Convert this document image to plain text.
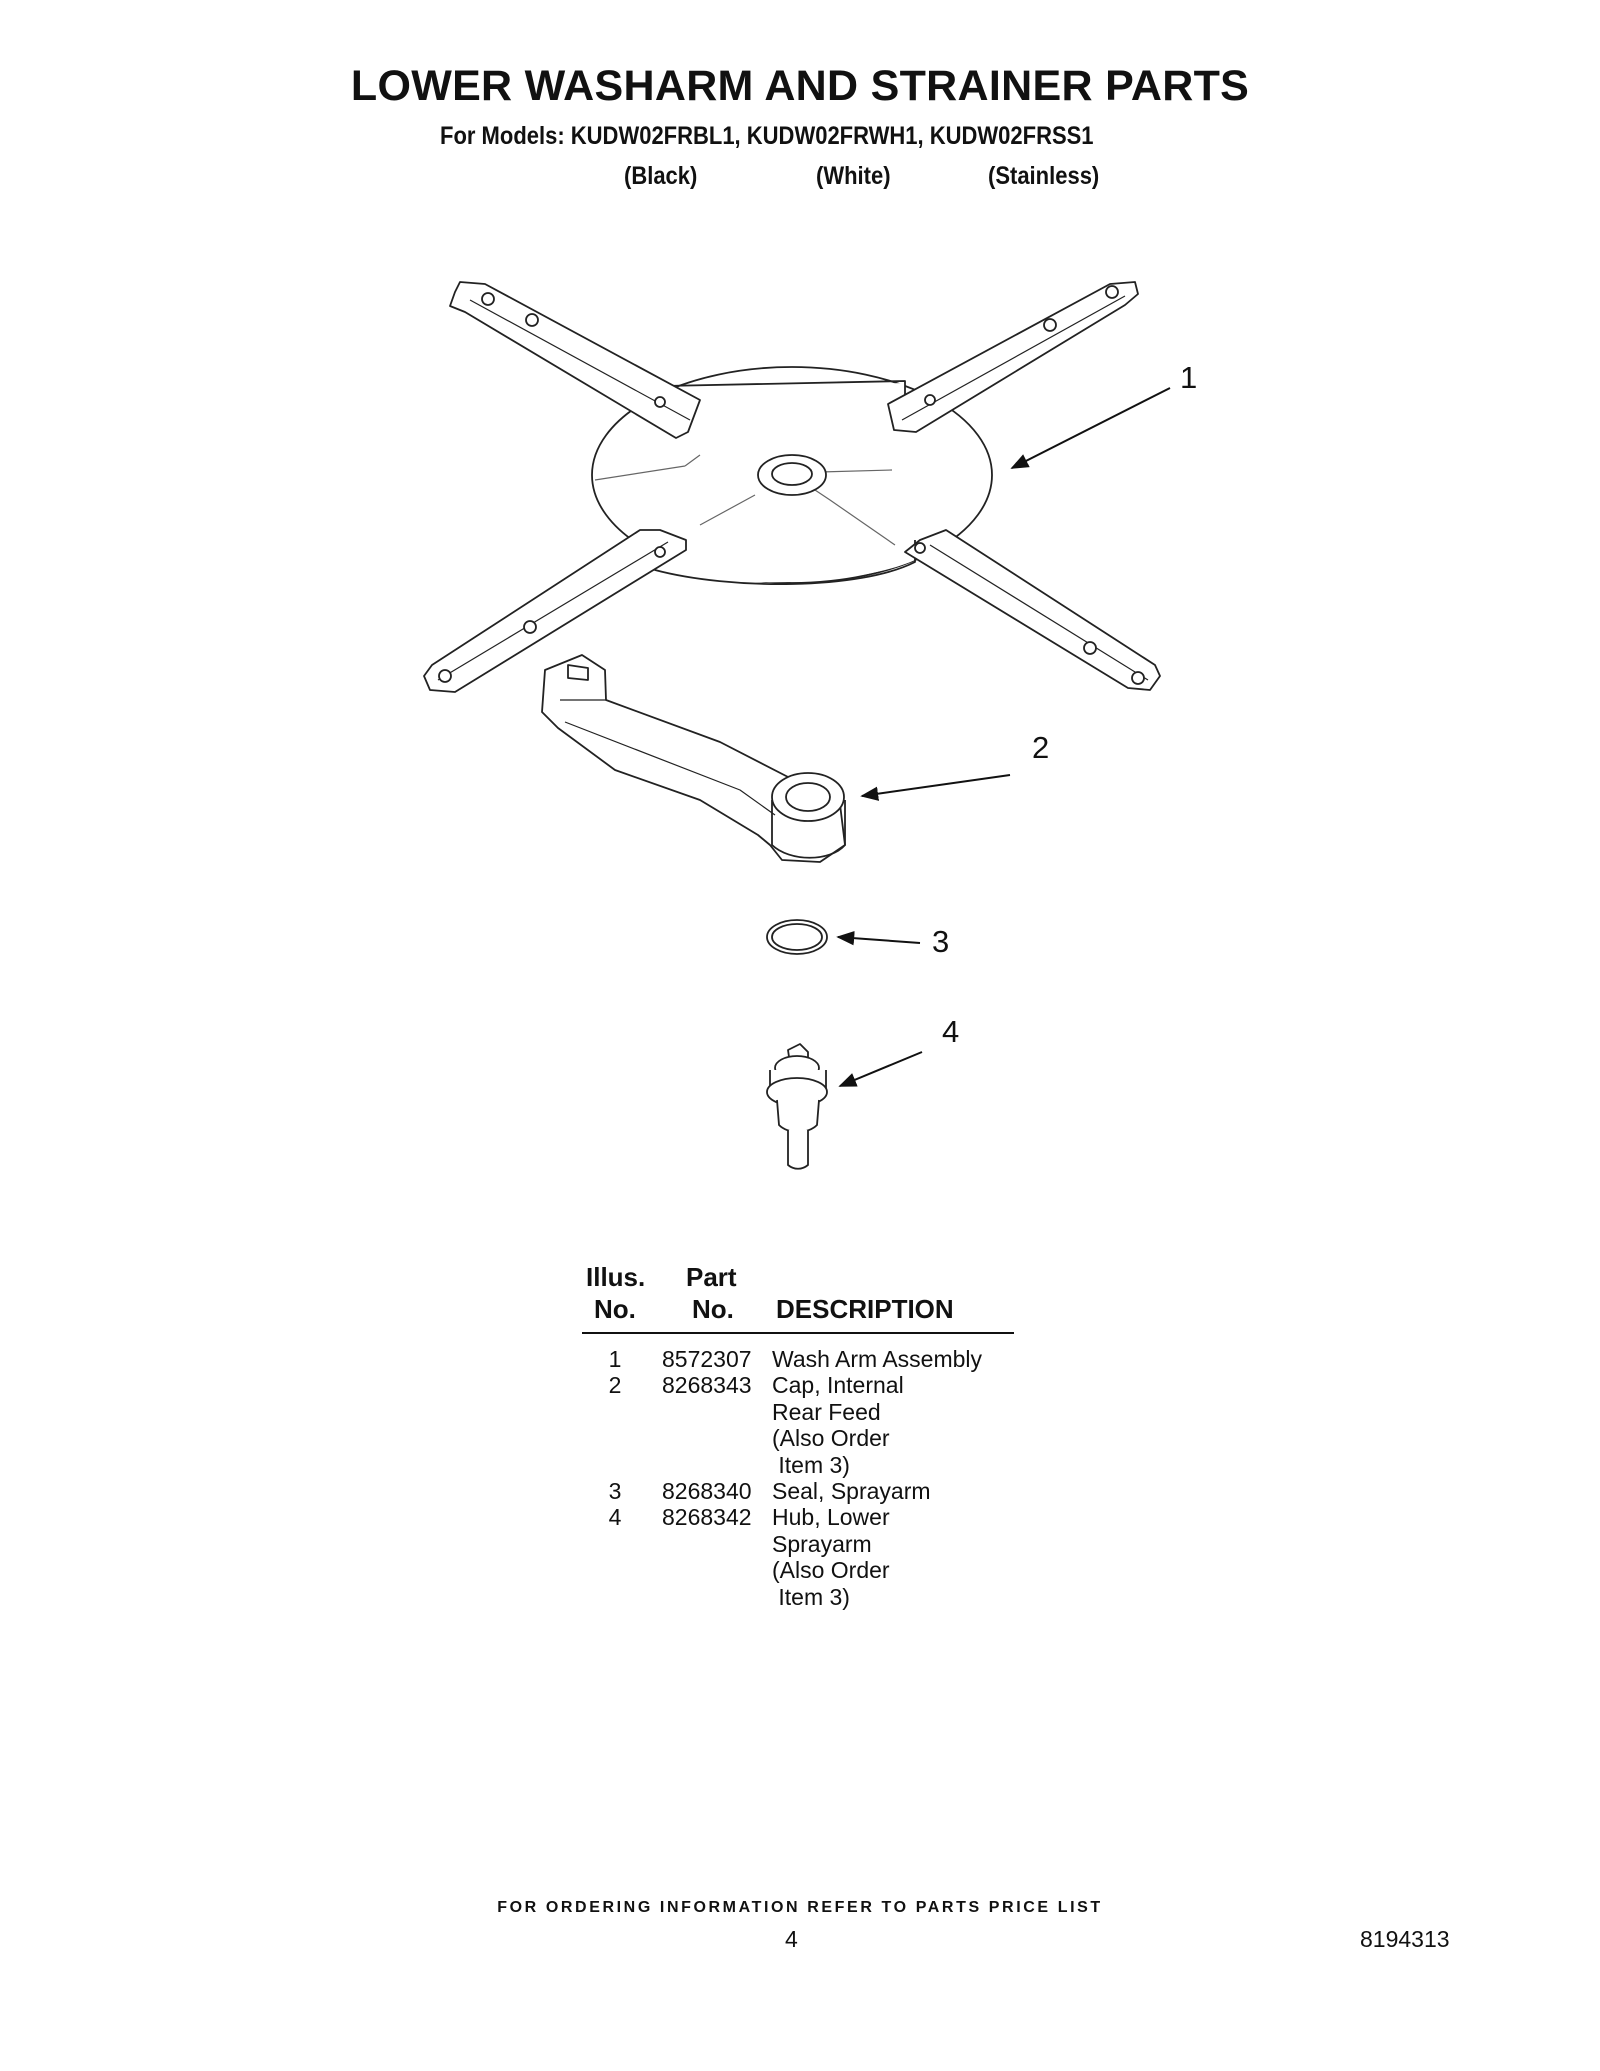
LOWER WASHARM AND STRAINER PARTS
For Models: KUDW02FRBL1, KUDW02FRWH1, KUDW02FRSS1
(Black)	(White)	(Stainless)
1
2
3
4
Illus.
No.
Part
No. DESCRIPTION
1	8572307 Wash Arm Assembly
2	8268343 Cap, Internal
Rear Feed
(Also Order
Item 3)
3	8268340 Seal, Sprayarm
4	8268342 Hub, Lower
Sprayarm
(Also Order
Item 3)
FOR ORDERING INFORMATION REFER TO PARTS PRICE LIST
4	8194313
